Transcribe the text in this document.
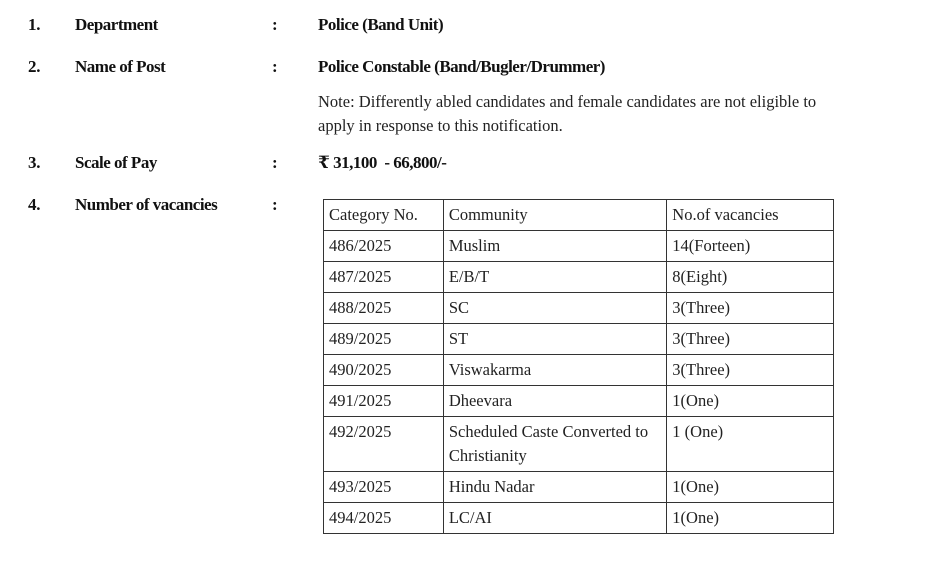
1. Department	: Police (Band Unit)
2. Name of Post	: Police Constable (Band/Bugler/Drummer)
Note: Differently abled candidates and female candidates are not eligible to apply in response to this notification.
3. Scale of Pay	: ₹ 31,100  - 66,800/-
4. Number of vacancies	:
Category No.	Community	No.of vacancies
486/2025	Muslim	14(Forteen)
487/2025	E/B/T	8(Eight)
488/2025	SC	3(Three)
489/2025	ST	3(Three)
490/2025	Viswakarma	3(Three)
491/2025	Dheevara	1(One)
492/2025	Scheduled Caste Converted to Christianity	1 (One)
493/2025	Hindu Nadar	1(One)
494/2025	LC/AI	1(One)
